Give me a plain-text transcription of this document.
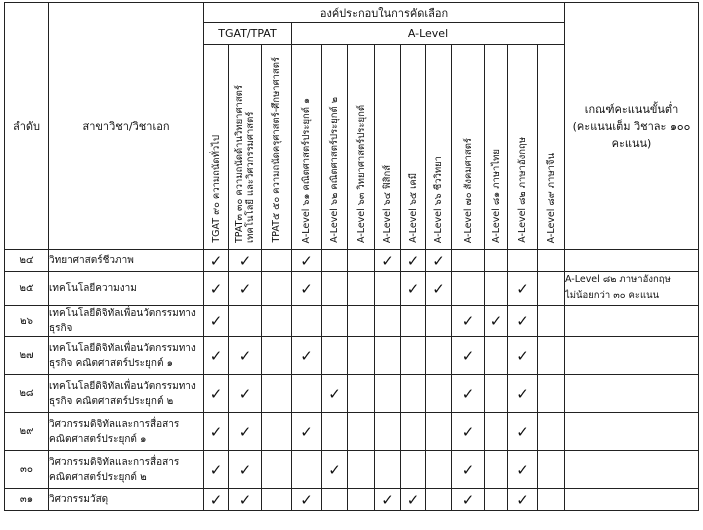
ลำดับ	สาขาวิชา/วิชาเอก	องค์ประกอบในการคัดเลือก													เกณฑ์คะแนนขั้นต่ำ
(คะแนนเต็ม วิชาละ ๑๐๐
คะแนน)

		TGAT/TPAT			A-Level										

		TGAT ๙๐ ความถนัดทั่วไป	TPAT๓ ๓๐ ความถนัดด้านวิทยาศาสตร์ เทคโนโลยี และวิศวกรรมศาสตร์	TPAT๕ ๕๐ ความถนัดครุศาสตร์-ศึกษาศาสตร์	A-Level ๖๑ คณิตศาสตร์ประยุกต์ ๑	A-Level ๖๒ คณิตศาสตร์ประยุกต์ ๒	A-Level ๖๓ วิทยาศาสตร์ประยุกต์	A-Level ๖๔ ฟิสิกส์	A-Level ๖๕ เคมี	A-Level ๖๖ ชีววิทยา	A-Level ๗๐ สังคมศาสตร์	A-Level ๘๑ ภาษาไทย	A-Level ๘๒ ภาษาอังกฤษ	A-Level ๘๙ ภาษาจีน	

๒๔	วิทยาศาสตร์ชีวภาพ	✓	✓		✓			✓	✓	✓					

๒๕	เทคโนโลยีความงาม	✓	✓		✓				✓	✓			✓		A-Level ๘๒ ภาษาอังกฤษ
ไม่น้อยกว่า ๓๐ คะแนน

๒๖	เทคโนโลยีดิจิทัลเพื่อนวัตกรรมทางธุรกิจ	✓									✓	✓	✓		

๒๗	เทคโนโลยีดิจิทัลเพื่อนวัตกรรมทาง
ธุรกิจ คณิตศาสตร์ประยุกต์ ๑	✓	✓		✓						✓		✓		

๒๘	เทคโนโลยีดิจิทัลเพื่อนวัตกรรมทาง
ธุรกิจ คณิตศาสตร์ประยุกต์ ๒	✓	✓			✓					✓		✓		

๒๙	วิศวกรรมดิจิทัลและการสื่อสาร
คณิตศาสตร์ประยุกต์ ๑	✓	✓		✓						✓		✓		

๓๐	วิศวกรรมดิจิทัลและการสื่อสาร
คณิตศาสตร์ประยุกต์ ๒	✓	✓			✓					✓		✓		

๓๑	วิศวกรรมวัสดุ	✓	✓		✓			✓	✓		✓		✓		
